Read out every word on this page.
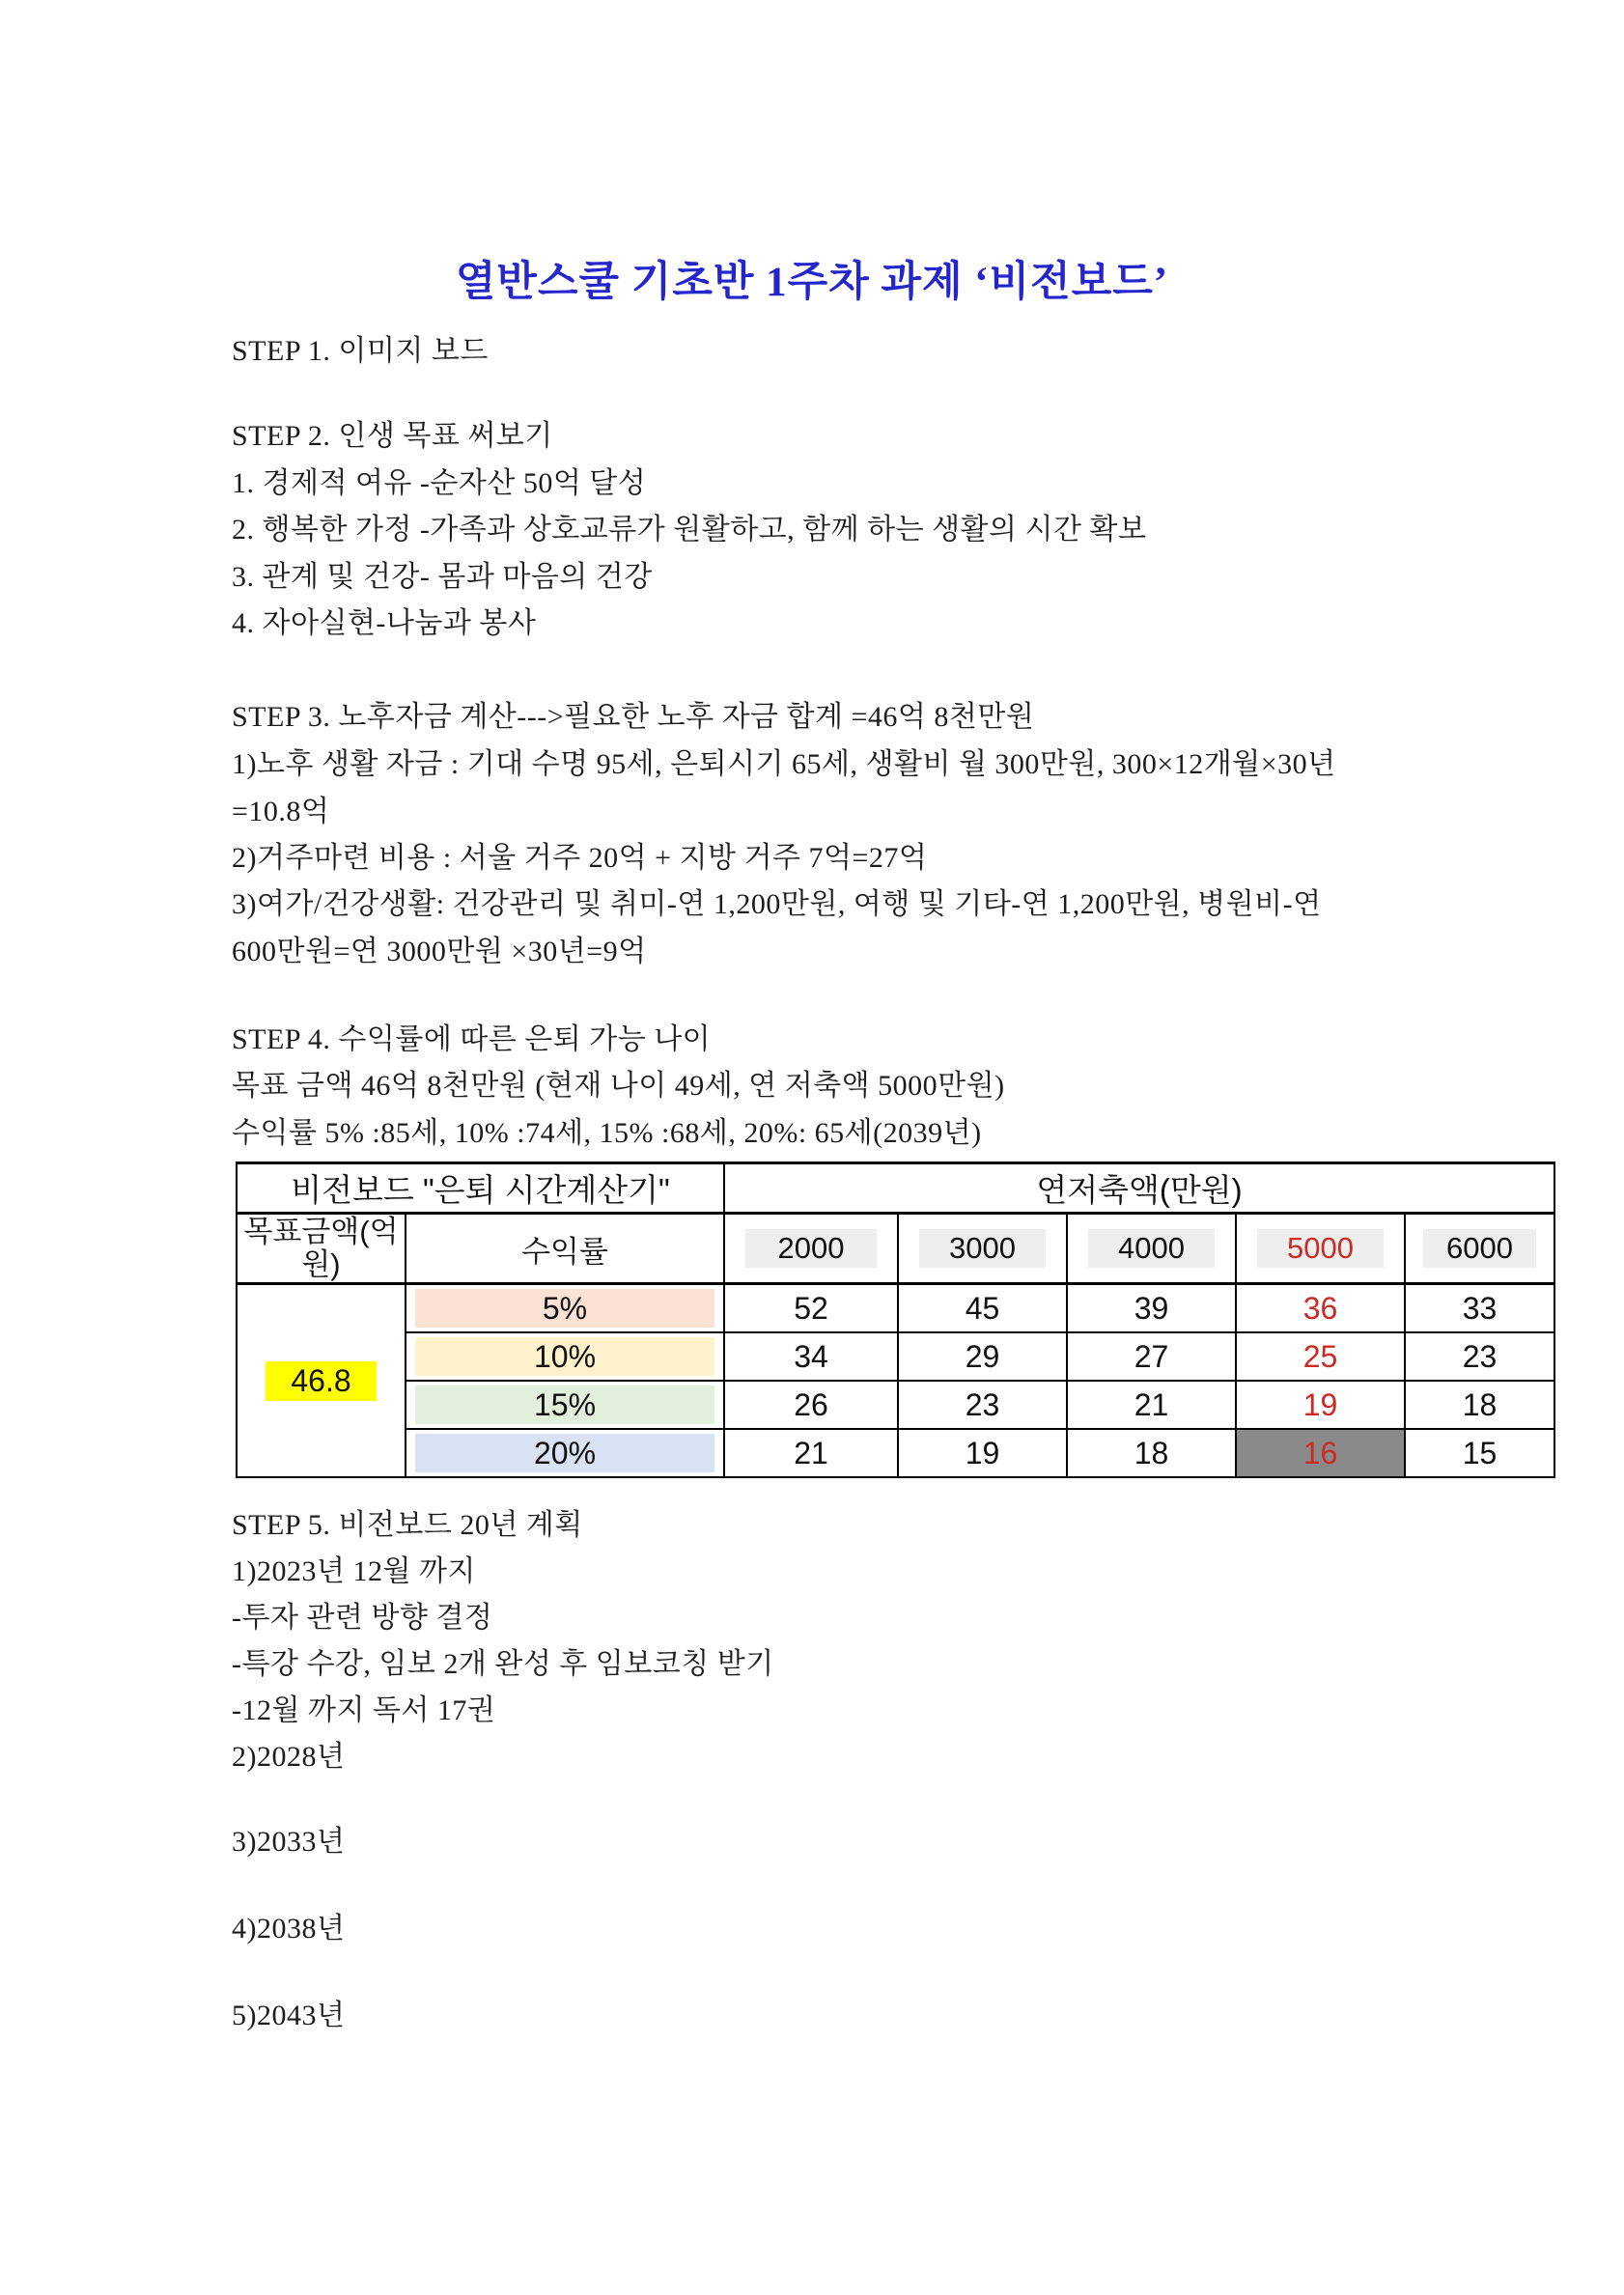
열반스쿨 기초반 1주차 과제 ‘비전보드’
STEP 1. 이미지 보드
STEP 2. 인생 목표 써보기
1. 경제적 여유 -순자산 50억 달성
2. 행복한 가정 -가족과 상호교류가 원활하고, 함께 하는 생활의 시간 확보
3. 관계 및 건강- 몸과 마음의 건강
4. 자아실현-나눔과 봉사
STEP 3. 노후자금 계산--->필요한 노후 자금 합계 =46억 8천만원
1)노후 생활 자금 : 기대 수명 95세, 은퇴시기 65세, 생활비 월 300만원, 300×12개월×30년
=10.8억
2)거주마련 비용 : 서울 거주 20억 + 지방 거주 7억=27억
3)여가/건강생활: 건강관리 및 취미-연 1,200만원, 여행 및 기타-연 1,200만원, 병원비-연
600만원=연 3000만원 ×30년=9억
STEP 4. 수익률에 따른 은퇴 가능 나이
목표 금액 46억 8천만원 (현재 나이 49세, 연 저축액 5000만원)
수익률 5% :85세, 10% :74세, 15% :68세, 20%: 65세(2039년)
비전보드 "은퇴 시간계산기"		연저축액(만원)				
목표금액(억원)	수익률	2000	3000	4000	5000	6000
46.8	5%	52	45	39	36	33

	10%	34	29	27	25	23

	15%	26	23	21	19	18

	20%	21	19	18	16	15
STEP 5. 비전보드 20년 계획
1)2023년 12월 까지
-투자 관련 방향 결정
-특강 수강, 임보 2개 완성 후 임보코칭 받기
-12월 까지 독서 17권
2)2028년
3)2033년
4)2038년
5)2043년
